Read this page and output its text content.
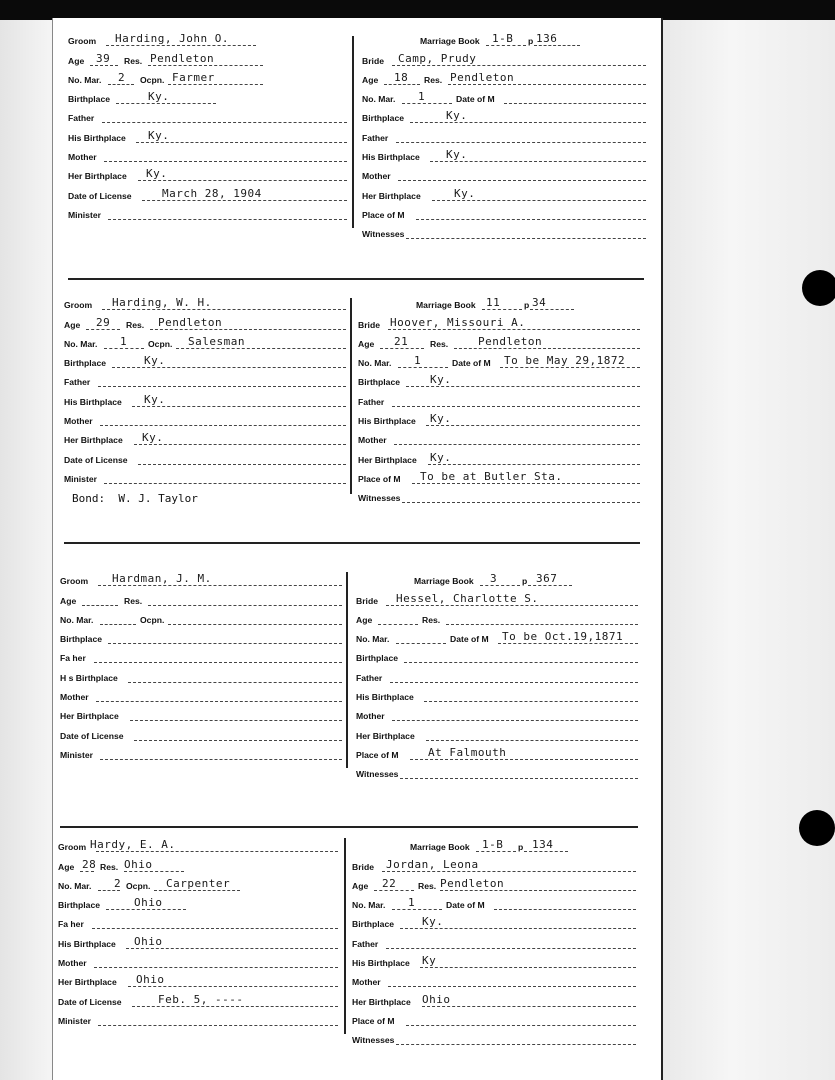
Groom Harding, John O.
Age 39 Res. Pendleton
No. Mar. 2 Ocpn. Farmer
Birthplace	Ky.
Father
His Birthplace Ky.
Mother
Her Birthplace Ky.
Date of License	March 28, 1904
Minister
Marriage Book 1-B p 136
Bride Camp, Prudy
Age 18 Res. Pendleton
No. Mar. 1	Date of M
Birthplace	Ky.
Father
His Birthplace Ky.
Mother
Her Birthplace	Ky.
Place of M
Witnesses
Groom Harding, W. H.
Age 29 Res. Pendleton
No. Mar. 1 Ocpn. Salesman
Birthplace	Ky.
Father
His Birthplace Ky.
Mother
Her Birthplace Ky.
Date of License
Minister
Bond: W. J. Taylor
Marriage Book 11	p 34
Bride Hoover, Missouri A.
Age 21	Res.	Pendleton
No. Mar. 1	Date of M To be May 29,1872
Birthplace	Ky.
Father
His Birthplace Ky.
Mother
Her Birthplace Ky.
Place of M To be at Butler Sta.
Witnesses
Groom Hardman, J. M.
Age	Res.
No. Mar.	Ocpn.
Birthplace
Fa her
H s Birthplace
Mother
Her Birthplace
Date of License
Minister
Marriage Book 3	p 367
Bride Hessel, Charlotte S.
Age	Res.
No. Mar.	Date of M To be Oct.19,1871
Birthplace
Father
His Birthplace
Mother
Her Birthplace
Place of M	At Falmouth
Witnesses
Groom Hardy, E. A.
Age 28 Res. Ohio
No. Mar. 2 Ocpn. Carpenter
Birthplace	Ohio
Fa her
His Birthplace Ohio
Mother
Her Birthplace Ohio
Date of License	Feb. 5, ----
Minister
Marriage Book 1-B p 134
Bride Jordan, Leona
Age 22	Res. Pendleton
No. Mar. 1	Date of M
Birthplace	Ky.
Father
His Birthplace Ky
Mother
Her Birthplace Ohio
Place of M
Witnesses
